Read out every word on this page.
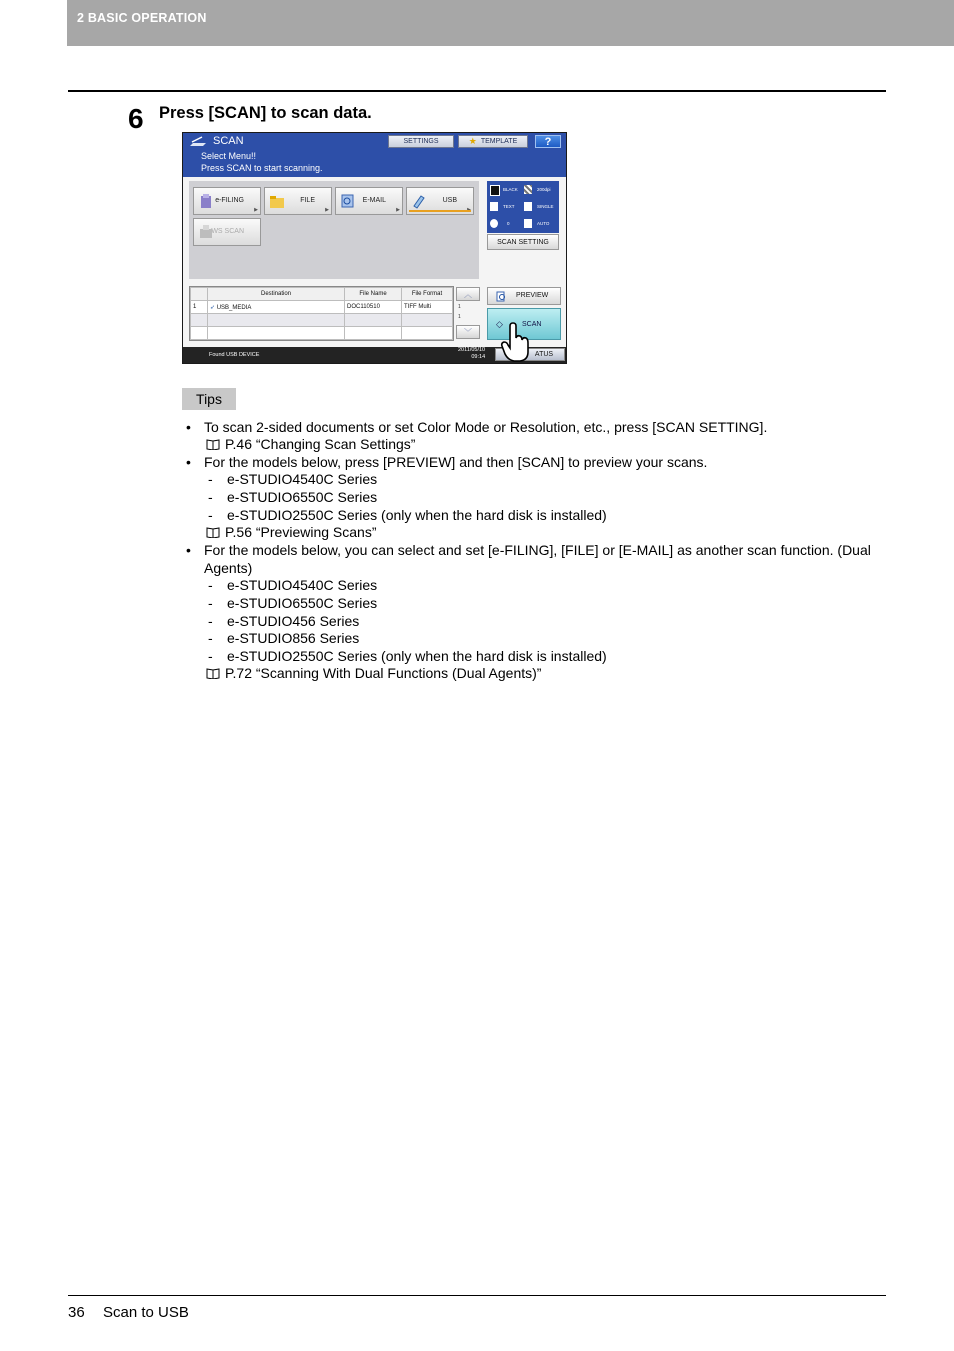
2 BASIC OPERATION
6 Press [SCAN] to scan data.
SCAN	SETTINGS	★ TEMPLATE	?
Select Menu!!
Press SCAN to start scanning.
e-FILING
▶
FILE
▶
E-MAIL
▶
USB
WS SCAN
BLACK	200dpi
TEXT	SINGLE
0	AUTO
SCAN SETTING
	Destination	File Name	File Format
1	➶ USB_MEDIA	DOC110510	TIFF Multi

︿
1
1
﹀
PREVIEW
◇	SCAN
Found USB DEVICE
2011/05/10
09:14	ATUS
Tips
• To scan 2-sided documents or set Color Mode or Resolution, etc., press [SCAN SETTING].
P.46 “Changing Scan Settings”
• For the models below, press [PREVIEW] and then [SCAN] to preview your scans.
- e-STUDIO4540C Series
- e-STUDIO6550C Series
- e-STUDIO2550C Series (only when the hard disk is installed)
P.56 “Previewing Scans”
• For the models below, you can select and set [e-FILING], [FILE] or [E-MAIL] as another scan function. (Dual
Agents)
- e-STUDIO4540C Series
- e-STUDIO6550C Series
- e-STUDIO456 Series
- e-STUDIO856 Series
- e-STUDIO2550C Series (only when the hard disk is installed)
P.72 “Scanning With Dual Functions (Dual Agents)”
36 Scan to USB
